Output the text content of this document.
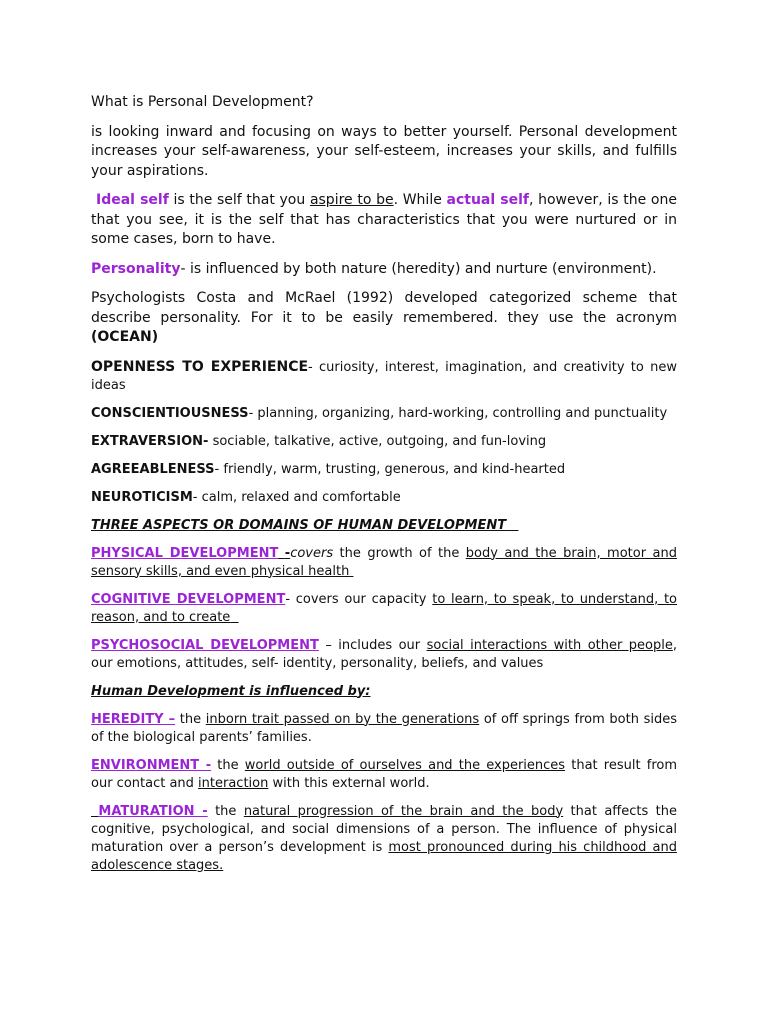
What is Personal Development?

is looking inward and focusing on ways to better yourself. Personal development increases your self-awareness, your self-esteem, increases your skills, and fulfills your aspirations.

Ideal self is the self that you aspire to be. While actual self, however, is the one that you see, it is the self that has characteristics that you were nurtured or in some cases, born to have.

Personality- is influenced by both nature (heredity) and nurture (environment).

Psychologists Costa and McRael (1992) developed categorized scheme that describe personality. For it to be easily remembered. they use the acronym (OCEAN)

OPENNESS TO EXPERIENCE- curiosity, interest, imagination, and creativity to new ideas

CONSCIENTIOUSNESS- planning, organizing, hard-working, controlling and punctuality

EXTRAVERSION- sociable, talkative, active, outgoing, and fun-loving

AGREEABLENESS- friendly, warm, trusting, generous, and kind-hearted

NEUROTICISM- calm, relaxed and comfortable

THREE ASPECTS OR DOMAINS OF HUMAN DEVELOPMENT

PHYSICAL DEVELOPMENT -covers the growth of the body and the brain, motor and sensory skills, and even physical health

COGNITIVE DEVELOPMENT- covers our capacity to learn, to speak, to understand, to reason, and to create

PSYCHOSOCIAL DEVELOPMENT – includes our social interactions with other people, our emotions, attitudes, self- identity, personality, beliefs, and values

Human Development is influenced by:

HEREDITY – the inborn trait passed on by the generations of off springs from both sides of the biological parents’ families.

ENVIRONMENT - the world outside of ourselves and the experiences that result from our contact and interaction with this external world.

MATURATION - the natural progression of the brain and the body that affects the cognitive, psychological, and social dimensions of a person. The influence of physical maturation over a person’s development is most pronounced during his childhood and adolescence stages.
